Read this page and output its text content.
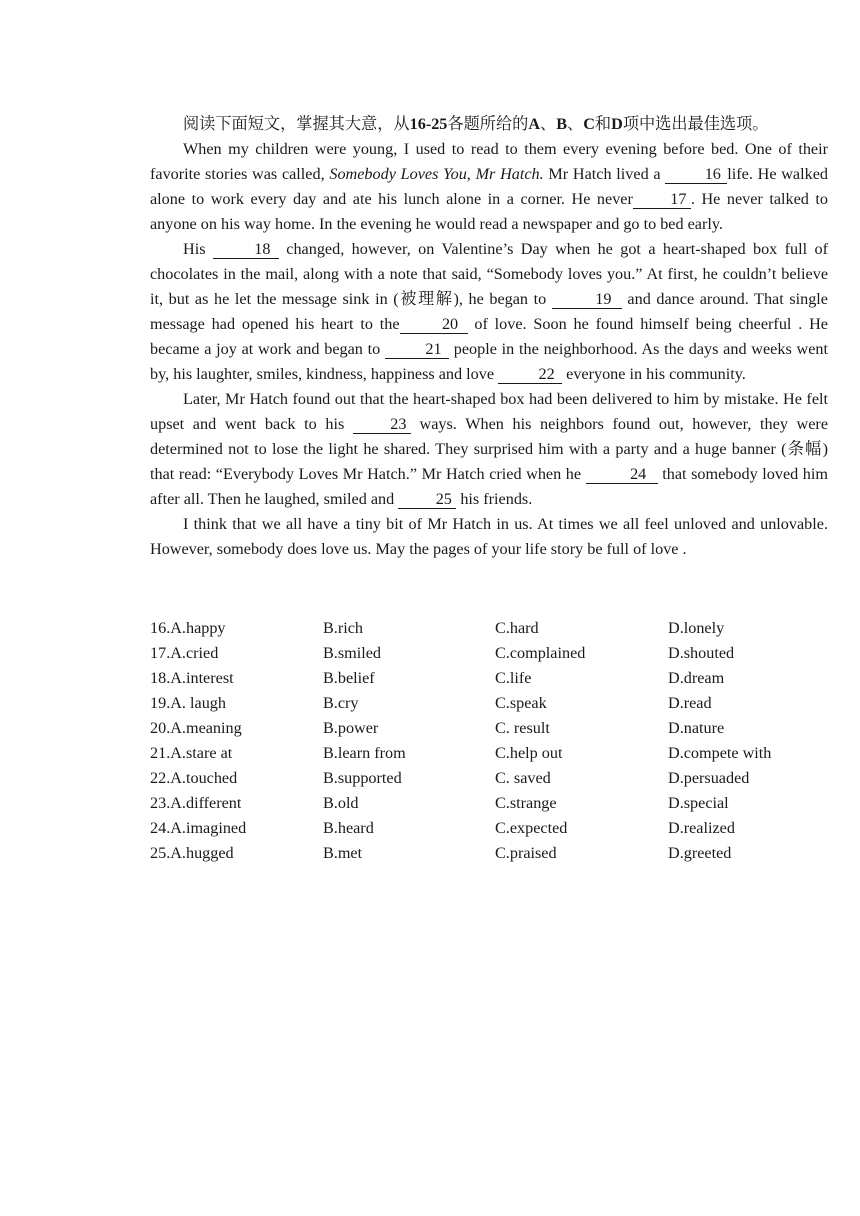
阅读下面短文，掌握其大意，从16-25各题所给的A、B、C和D项中选出最佳选项。

When my children were young, I used to read to them every evening before bed. One of their favorite stories was called, Somebody Loves You, Mr Hatch. Mr Hatch lived a 16 life. He walked alone to work every day and ate his lunch alone in a corner. He never 17 . He never talked to anyone on his way home. In the evening he would read a newspaper and go to bed early.

His	18 changed, however, on Valentine’s Day when he got a heart-shaped box full of chocolates in the mail, along with a note that said, “Somebody loves you.” At first, he couldn’t believe it, but as he let the message sink in (被理解), he began to	19 and dance around. That single message had opened his heart to the	20 of love. Soon he found himself being cheerful . He became a joy at work and began to 21 people in the neighborhood. As the days and weeks went by, his laughter, smiles, kindness, happiness and love 22 everyone in his community.

Later, Mr Hatch found out that the heart-shaped box had been delivered to him by mistake. He felt upset and went back to his 23 ways. When his neighbors found out, however, they were determined not to lose the light he shared. They surprised him with a party and a huge banner (条幅) that read: “Everybody Loves Mr Hatch.” Mr Hatch cried when he	24 that somebody loved him after all. Then he laughed, smiled and 25 his friends.

I think that we all have a tiny bit of Mr Hatch in us. At times we all feel unloved and unlovable. However, somebody does love us. May the pages of your life story be full of love .

16.A.happy	B.rich	C.hard	D.lonely
17.A.cried	B.smiled	C.complained	D.shouted
18.A.interest	B.belief	C.life	D.dream
19.A. laugh	B.cry	C.speak	D.read
20.A.meaning	B.power	C. result	D.nature
21.A.stare at	B.learn from	C.help out	D.compete with
22.A.touched	B.supported	C. saved	D.persuaded
23.A.different	B.old	C.strange	D.special
24.A.imagined	B.heard	C.expected	D.realized
25.A.hugged	B.met	C.praised	D.greeted
